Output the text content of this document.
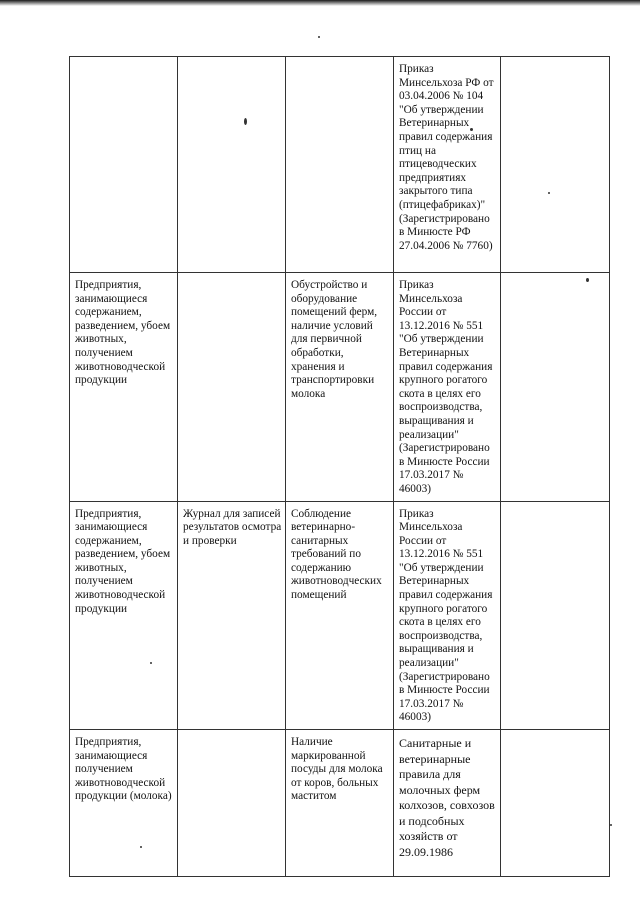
			Приказ Минсельхоза РФ от 03.04.2006 № 104 "Об утверждении Ветеринарных правил содержания птиц на птицеводческих предприятиях закрытого типа (птицефабриках)" (Зарегистрировано в Минюсте РФ 27.04.2006 № 7760)	

Предприятия, занимающиеся содержанием, разведением, убоем животных, получением животноводческой продукции		Обустройство и оборудование помещений ферм, наличие условий для первичной обработки, хранения и транспортировки молока	Приказ Минсельхоза России от 13.12.2016 № 551 "Об утверждении Ветеринарных правил содержания крупного рогатого скота в целях его воспроизводства, выращивания и реализации" (Зарегистрировано в Минюсте России 17.03.2017 № 46003)	

Предприятия, занимающиеся содержанием, разведением, убоем животных, получением животноводческой продукции	Журнал для записей результатов осмотра и проверки	Соблюдение ветеринарно-санитарных требований по содержанию животноводческих помещений	Приказ Минсельхоза России от 13.12.2016 № 551 "Об утверждении Ветеринарных правил содержания крупного рогатого скота в целях его воспроизводства, выращивания и реализации" (Зарегистрировано в Минюсте России 17.03.2017 № 46003)	

Предприятия, занимающиеся получением животноводческой продукции (молока)		Наличие маркированной посуды для молока от коров, больных маститом	Санитарные и ветеринарные правила для молочных ферм колхозов, совхозов и подсобных хозяйств от 29.09.1986	
